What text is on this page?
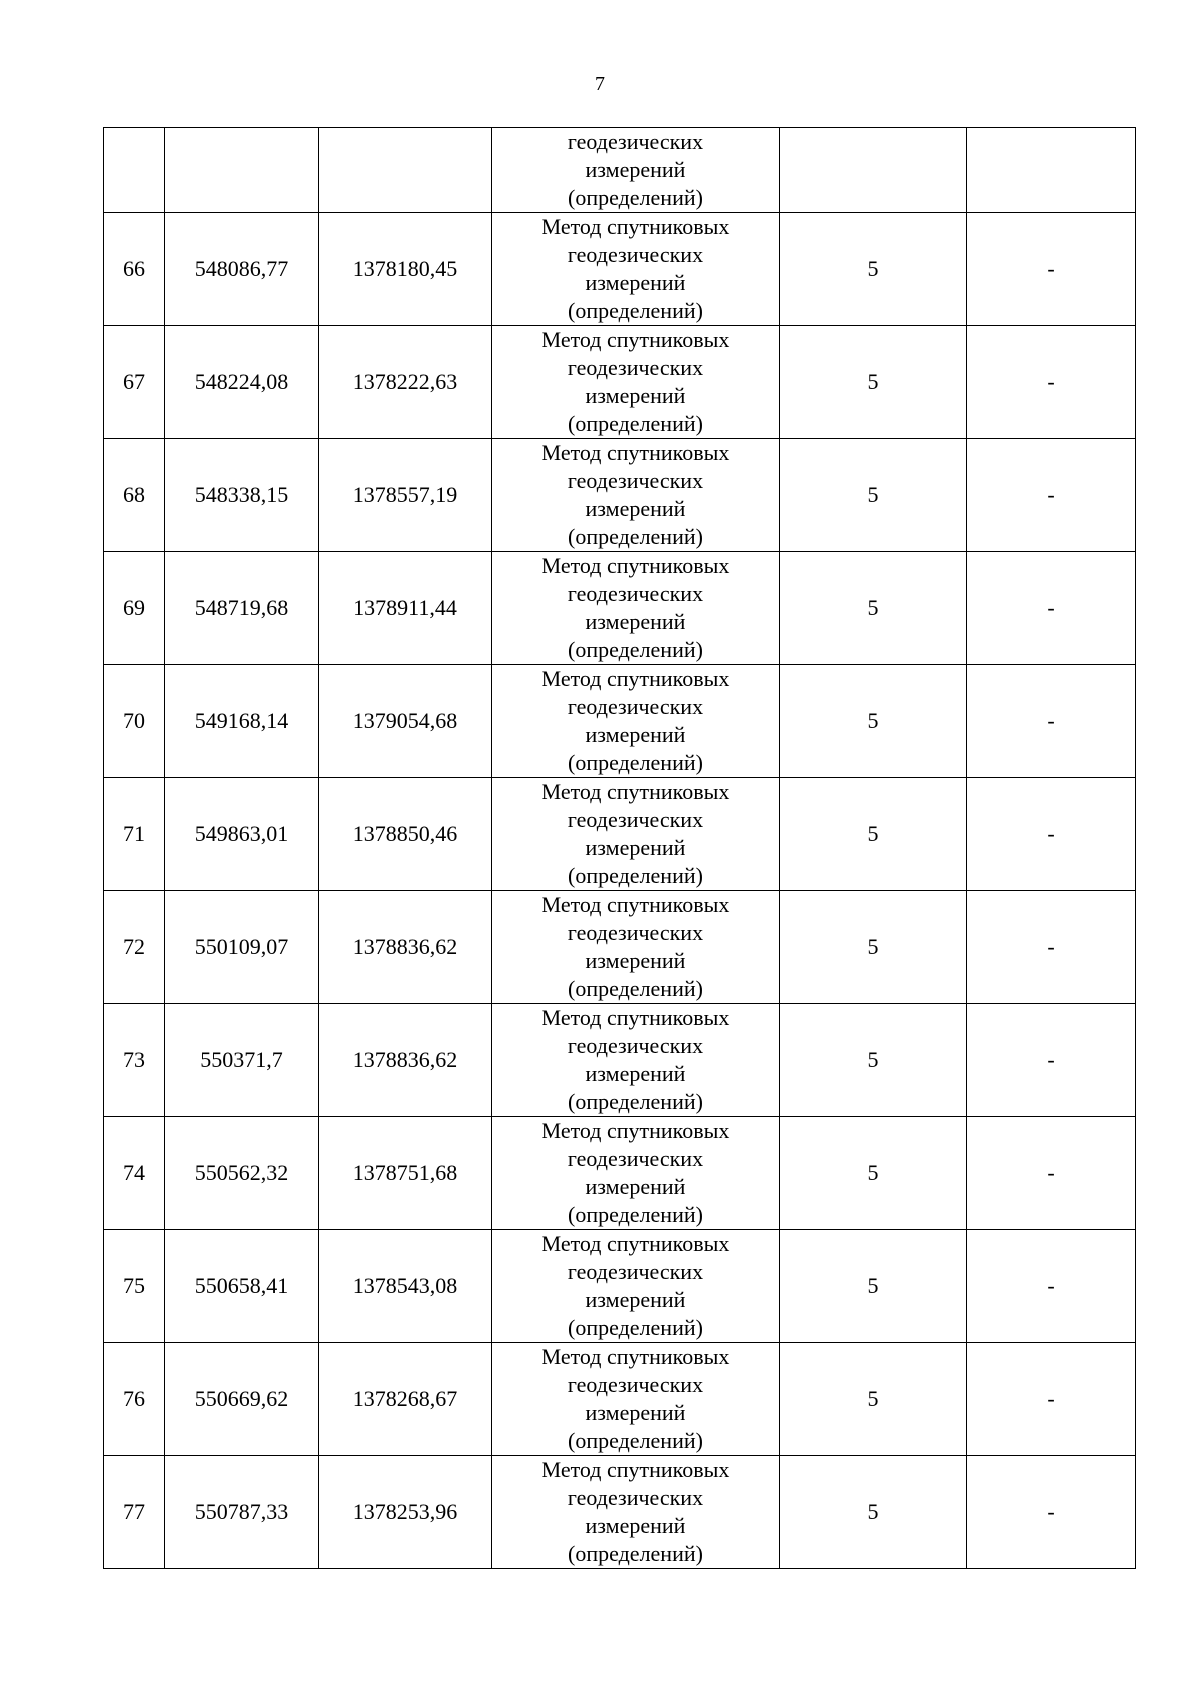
7

			геодезических
измерений
(определений)		

66	548086,77	1378180,45	Метод спутниковых
геодезических
измерений
(определений)	5	-
67	548224,08	1378222,63	Метод спутниковых
геодезических
измерений
(определений)	5	-
68	548338,15	1378557,19	Метод спутниковых
геодезических
измерений
(определений)	5	-
69	548719,68	1378911,44	Метод спутниковых
геодезических
измерений
(определений)	5	-
70	549168,14	1379054,68	Метод спутниковых
геодезических
измерений
(определений)	5	-
71	549863,01	1378850,46	Метод спутниковых
геодезических
измерений
(определений)	5	-
72	550109,07	1378836,62	Метод спутниковых
геодезических
измерений
(определений)	5	-
73	550371,7	1378836,62	Метод спутниковых
геодезических
измерений
(определений)	5	-
74	550562,32	1378751,68	Метод спутниковых
геодезических
измерений
(определений)	5	-
75	550658,41	1378543,08	Метод спутниковых
геодезических
измерений
(определений)	5	-
76	550669,62	1378268,67	Метод спутниковых
геодезических
измерений
(определений)	5	-
77	550787,33	1378253,96	Метод спутниковых
геодезических
измерений
(определений)	5	-
